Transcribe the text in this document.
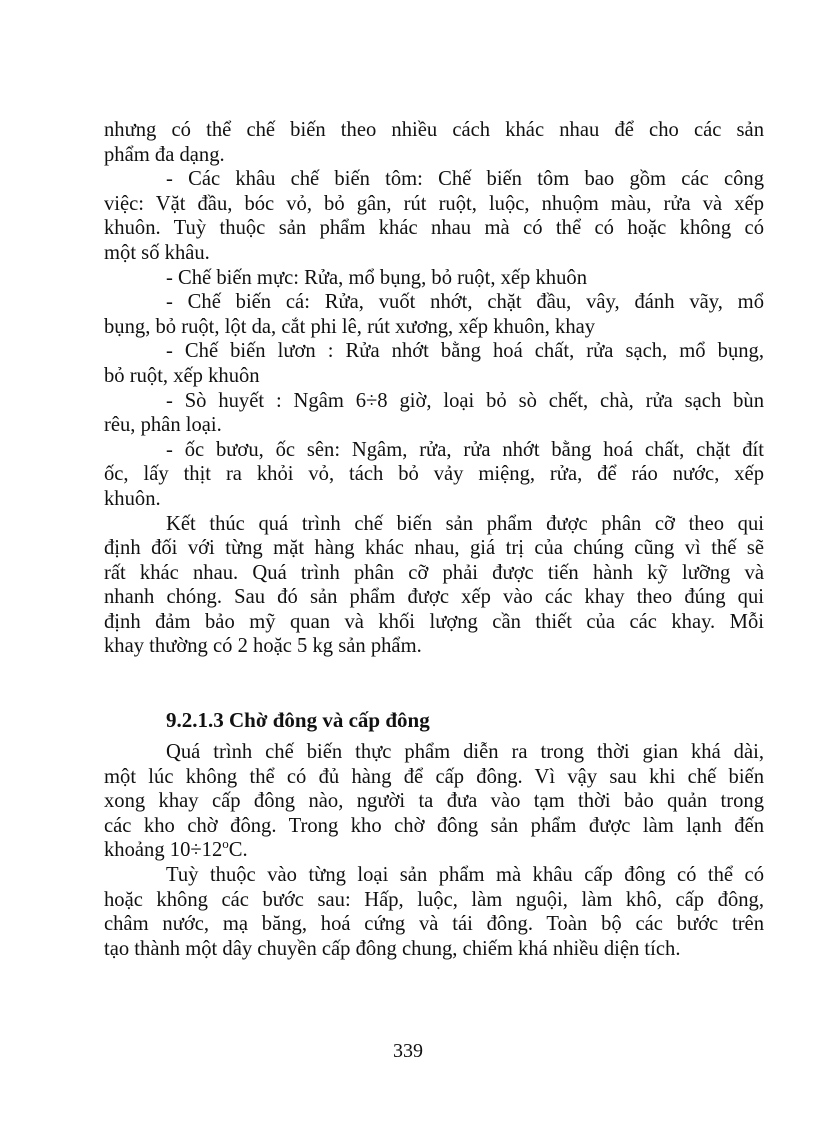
nhưng có thể chế biến theo nhiều cách khác nhau để cho các sản
phẩm đa dạng.

- Các khâu chế biến tôm: Chế biến tôm bao gồm các công
việc: Vặt đầu, bóc vỏ, bỏ gân, rút ruột, luộc, nhuộm màu, rửa và xếp
khuôn. Tuỳ thuộc sản phẩm khác nhau mà có thể có hoặc không có
một số khâu.

- Chế biến mực: Rửa, mổ bụng, bỏ ruột, xếp khuôn

- Chế biến cá: Rửa, vuốt nhớt, chặt đầu, vây, đánh vãy, mổ
bụng, bỏ ruột, lột da, cắt phi lê, rút xương, xếp khuôn, khay

- Chế biến lươn : Rửa nhớt bằng hoá chất, rửa sạch, mổ bụng,
bỏ ruột, xếp khuôn

- Sò huyết : Ngâm 6÷8 giờ, loại bỏ sò chết, chà, rửa sạch bùn
rêu, phân loại.

- ốc bươu, ốc sên: Ngâm, rửa, rửa nhớt bằng hoá chất, chặt đít
ốc, lấy thịt ra khỏi vỏ, tách bỏ vảy miệng, rửa, để ráo nước, xếp
khuôn.

Kết thúc quá trình chế biến sản phẩm được phân cỡ theo qui
định đối với từng mặt hàng khác nhau, giá trị của chúng cũng vì thế sẽ
rất khác nhau. Quá trình phân cỡ phải được tiến hành kỹ lưỡng và
nhanh chóng. Sau đó sản phẩm được xếp vào các khay theo đúng qui
định đảm bảo mỹ quan và khối lượng cần thiết của các khay. Mỗi
khay thường có 2 hoặc 5 kg sản phẩm.

9.2.1.3 Chờ đông và cấp đông

Quá trình chế biến thực phẩm diễn ra trong thời gian khá dài,
một lúc không thể có đủ hàng để cấp đông. Vì vậy sau khi chế biến
xong khay cấp đông nào, người ta đưa vào tạm thời bảo quản trong
các kho chờ đông. Trong kho chờ đông sản phẩm được làm lạnh đến
khoảng $10\div 12^oC$.

Tuỳ thuộc vào từng loại sản phẩm mà khâu cấp đông có thể có
hoặc không các bước sau: Hấp, luộc, làm nguội, làm khô, cấp đông,
châm nước, mạ băng, hoá cứng và tái đông. Toàn bộ các bước trên
tạo thành một dây chuyền cấp đông chung, chiếm khá nhiều diện tích.

339
